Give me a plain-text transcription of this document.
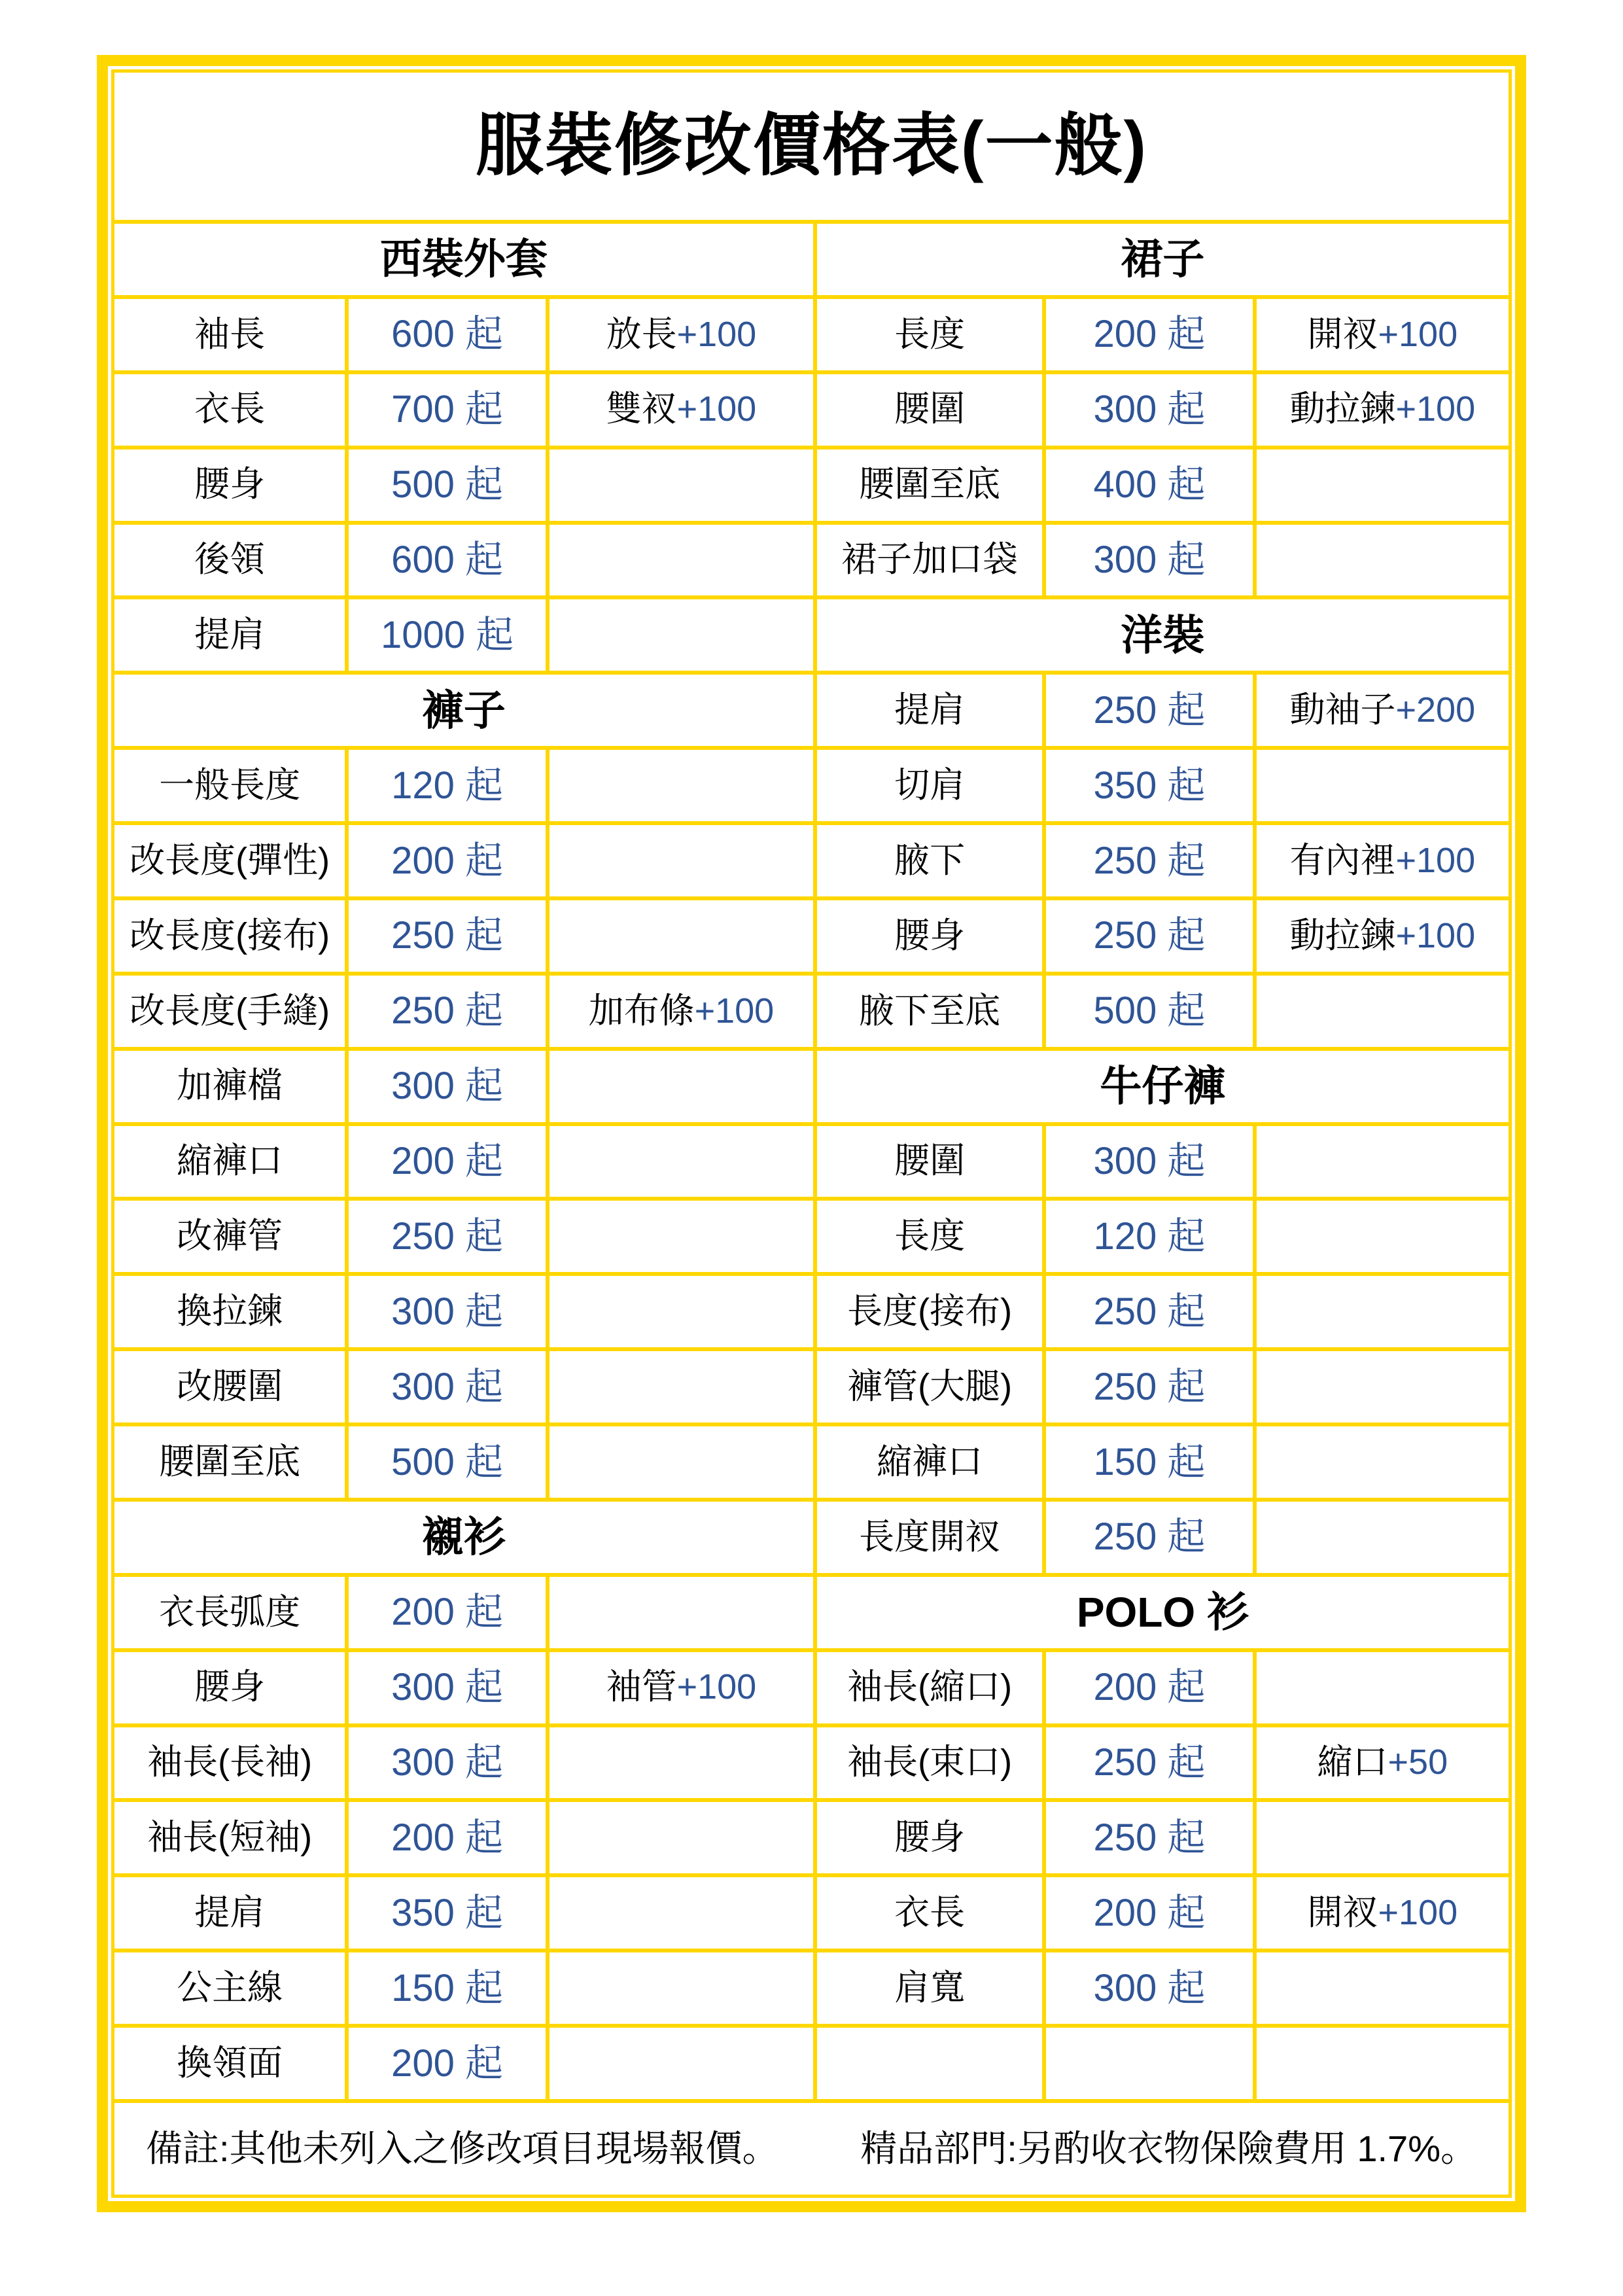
服裝修改價格表(一般)
備註:其他未列入之修改項目現場報價。 精品部門:另酌收衣物保險費用 1.7%。
西裝外套
袖長	600 起	放長 +100
衣長	700 起	雙衩 +100
腰身	500 起
後領	600 起
提肩	1000 起
褲子
一般長度	120 起
改長度(彈性)	200 起
改長度(接布)	250 起
改長度(手縫)	250 起	加布條 +100
加褲檔	300 起
縮褲口	200 起
改褲管	250 起
換拉鍊	300 起
改腰圍	300 起
腰圍至底	500 起
襯衫
衣長弧度	200 起
腰身	300 起	袖管 +100
袖長(長袖)	300 起
袖長(短袖)	200 起
提肩	350 起
公主線	150 起
換領面	200 起
裙子
長度	200 起	開衩 +100
腰圍	300 起	動拉鍊 +100
腰圍至底	400 起
裙子加口袋	300 起
洋裝
提肩	250 起	動袖子 +200
切肩	350 起
腋下	250 起	有內裡 +100
腰身	250 起	動拉鍊 +100
腋下至底	500 起
牛仔褲
腰圍	300 起
長度	120 起
長度(接布)	250 起
褲管(大腿)	250 起
縮褲口	150 起
長度開衩	250 起
POLO 衫
袖長(縮口)	200 起
袖長(束口)	250 起	縮口 +50
腰身	250 起
衣長	200 起	開衩 +100
肩寬	300 起
